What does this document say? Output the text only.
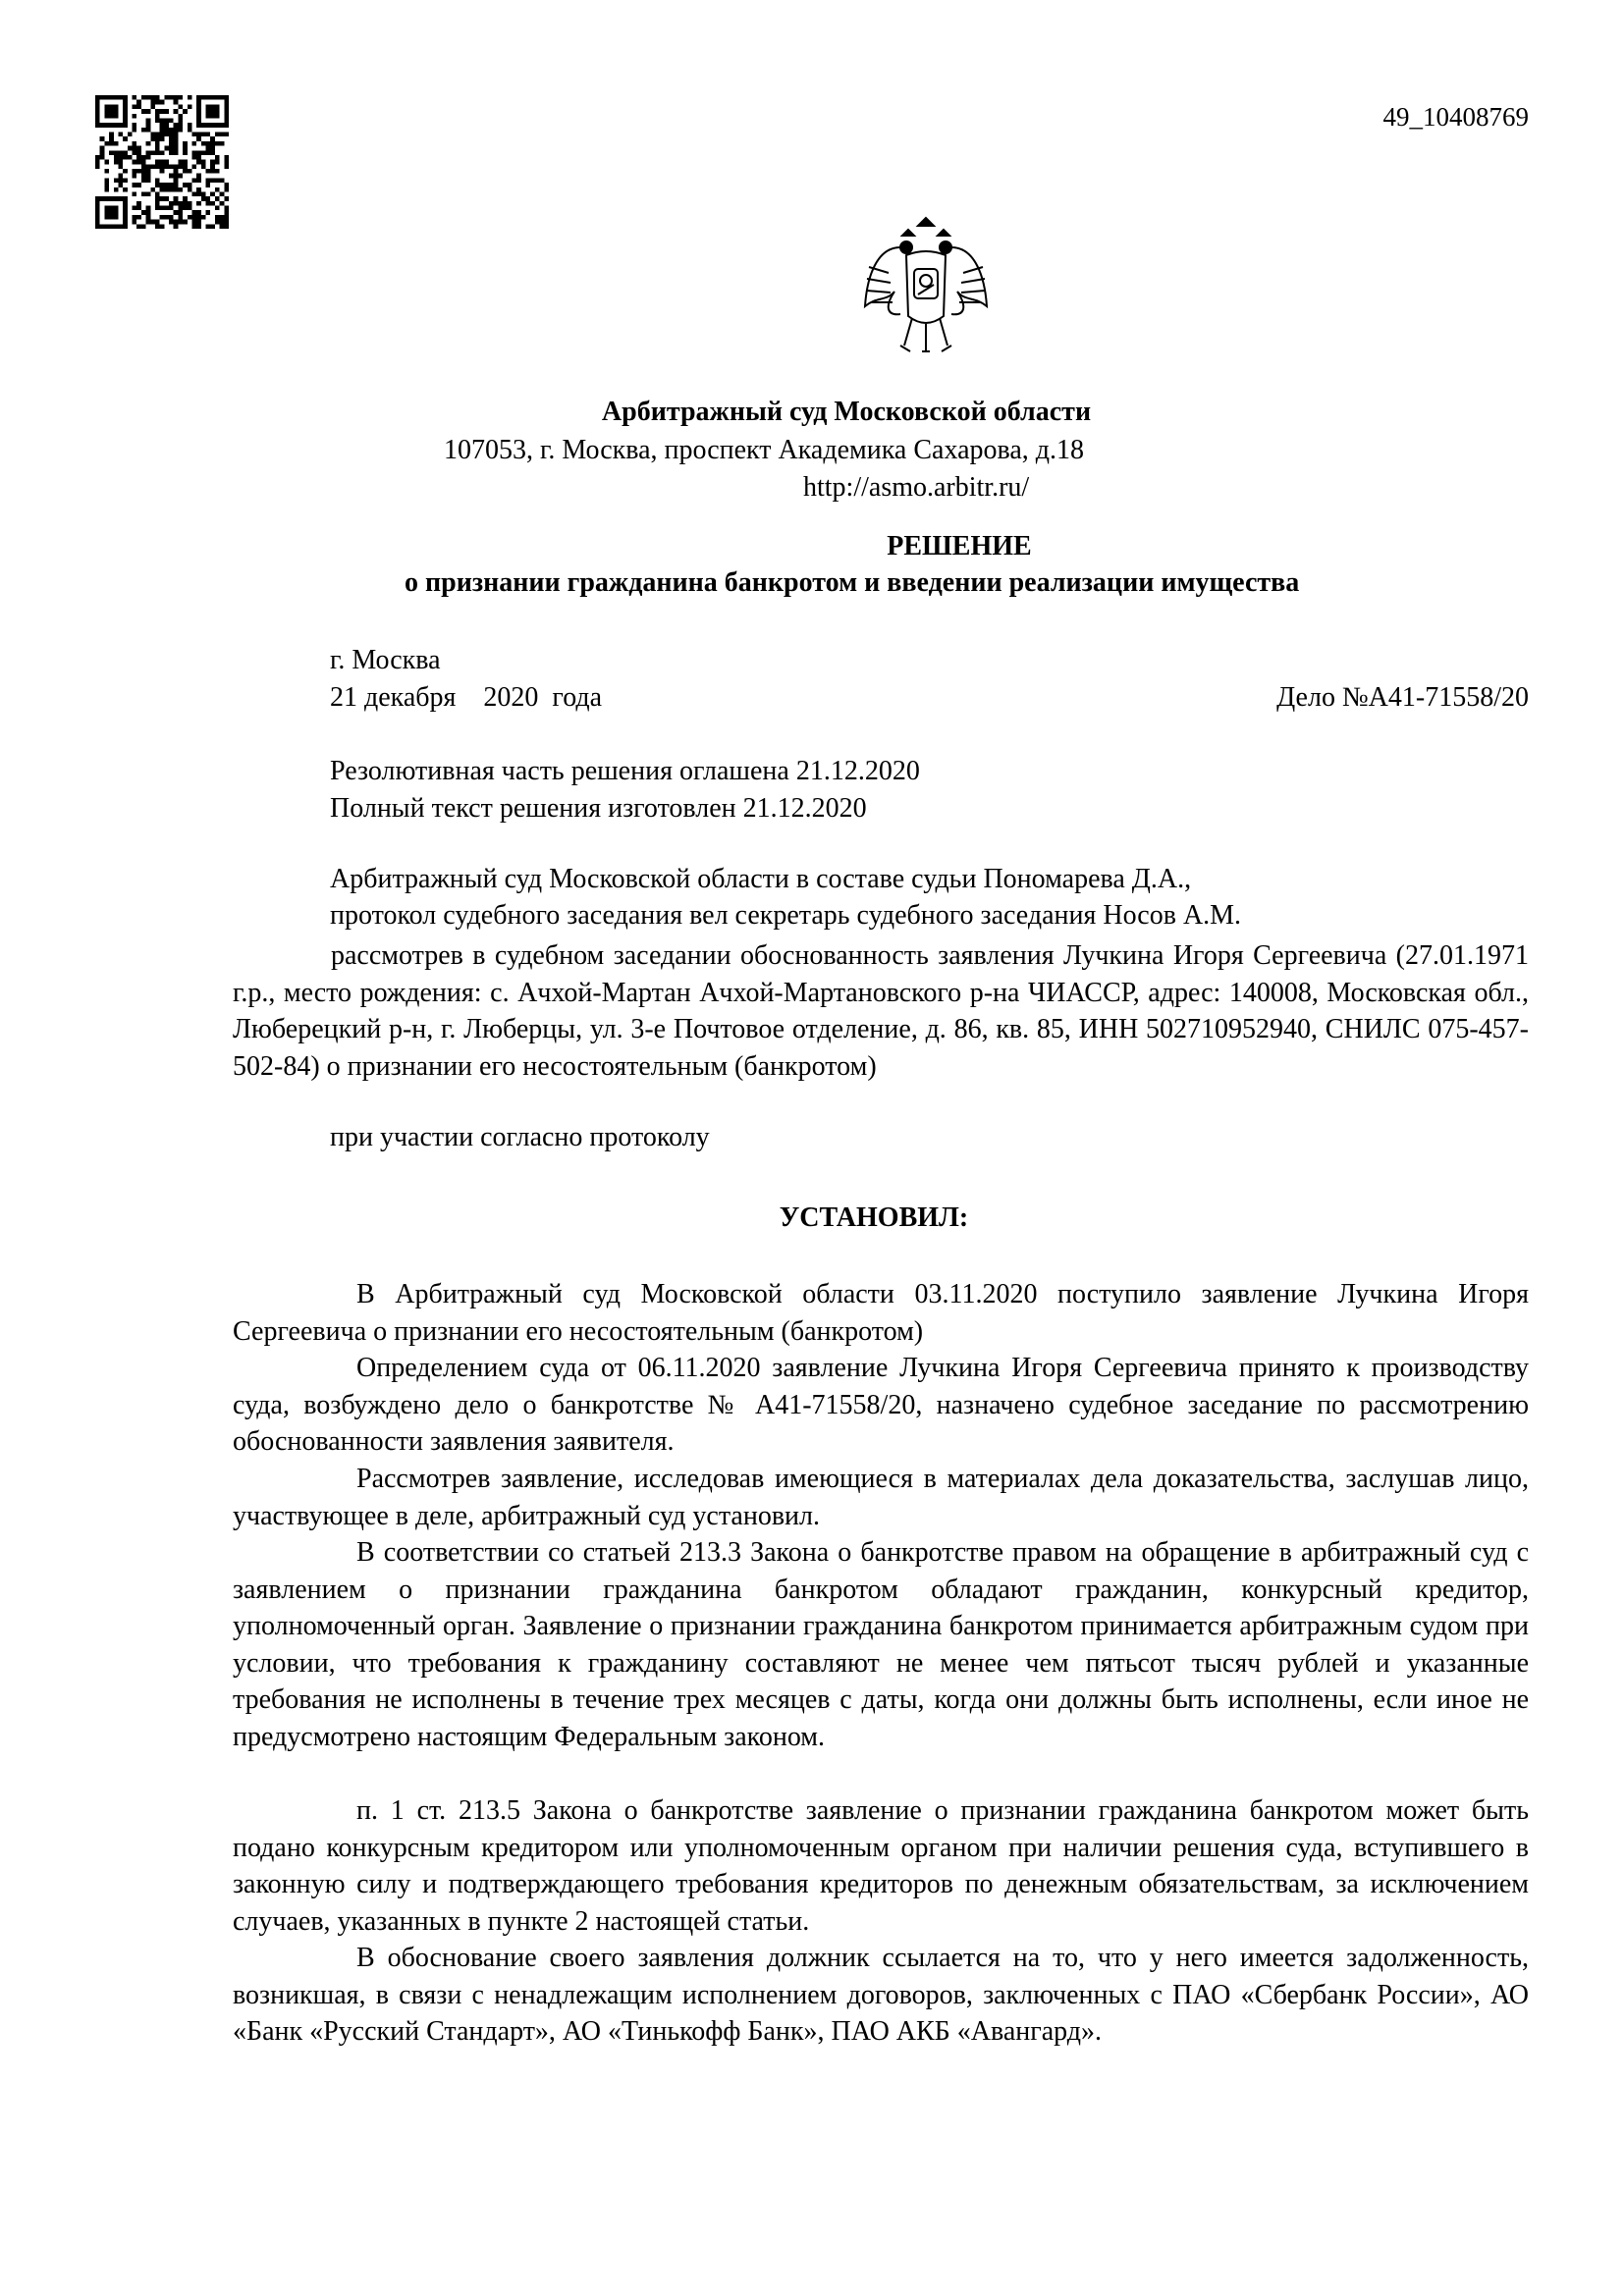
49_10408769
Арбитражный суд Московской области
107053, г. Москва, проспект Академика Сахарова, д.18
http://asmo.arbitr.ru/
РЕШЕНИЕ
о признании гражданина банкротом и введении реализации имущества
г. Москва
21 декабря    2020  года	Дело №А41-71558/20
Резолютивная часть решения оглашена 21.12.2020
Полный текст решения изготовлен 21.12.2020
Арбитражный суд Московской области в составе судьи Пономарева Д.А.,
протокол судебного заседания вел секретарь судебного заседания Носов А.М.
рассмотрев в судебном заседании обоснованность заявления Лучкина Игоря Сергеевича (27.01.1971 г.р., место рождения: с. Ачхой-Мартан Ачхой-Мартановского р-на ЧИАССР, адрес: 140008, Московская обл., Люберецкий р-н, г. Люберцы, ул. 3-е Почтовое отделение, д. 86, кв. 85, ИНН 502710952940, СНИЛС 075-457-502-84) о признании его несостоятельным (банкротом)
при участии согласно протоколу
УСТАНОВИЛ:
В Арбитражный суд Московской области 03.11.2020 поступило заявление Лучкина Игоря Сергеевича о признании его несостоятельным (банкротом)
Определением суда от 06.11.2020 заявление Лучкина Игоря Сергеевича принято к производству суда, возбуждено дело о банкротстве № А41-71558/20, назначено судебное заседание по рассмотрению обоснованности заявления заявителя.
Рассмотрев заявление, исследовав имеющиеся в материалах дела доказательства, заслушав лицо, участвующее в деле, арбитражный суд установил.
В соответствии со статьей 213.3 Закона о банкротстве правом на обращение в арбитражный суд с заявлением о признании гражданина банкротом обладают гражданин, конкурсный кредитор, уполномоченный орган. Заявление о признании гражданина банкротом принимается арбитражным судом при условии, что требования к гражданину составляют не менее чем пятьсот тысяч рублей и указанные требования не исполнены в течение трех месяцев с даты, когда они должны быть исполнены, если иное не предусмотрено настоящим Федеральным законом.
п. 1 ст. 213.5 Закона о банкротстве заявление о признании гражданина банкротом может быть подано конкурсным кредитором или уполномоченным органом при наличии решения суда, вступившего в законную силу и подтверждающего требования кредиторов по денежным обязательствам, за исключением случаев, указанных в пункте 2 настоящей статьи.
В обоснование своего заявления должник ссылается на то, что у него имеется задолженность, возникшая, в связи с ненадлежащим исполнением договоров, заключенных с ПАО «Сбербанк России», АО «Банк «Русский Стандарт», АО «Тинькофф Банк», ПАО АКБ «Авангард».
